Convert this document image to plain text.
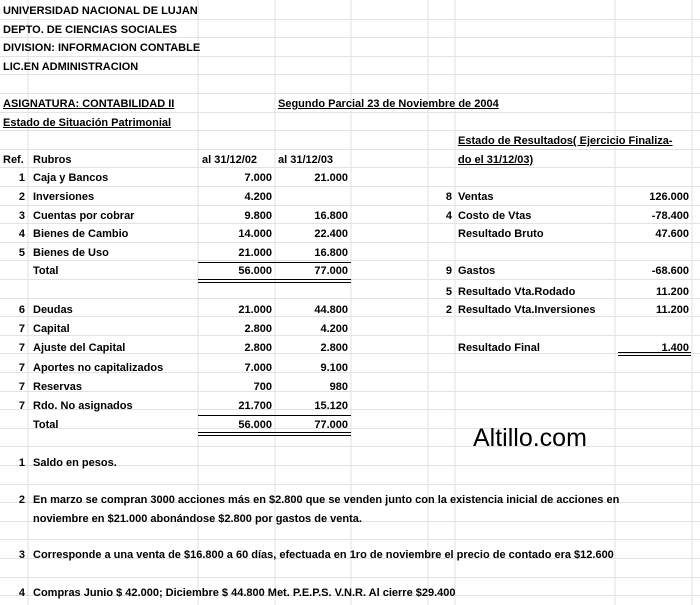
UNIVERSIDAD NACIONAL DE LUJAN
DEPTO. DE CIENCIAS SOCIALES
DIVISION: INFORMACION CONTABLE
LIC.EN ADMINISTRACION
ASIGNATURA: CONTABILIDAD II	Segundo Parcial 23 de Noviembre de 2004
Estado de Situación Patrimonial
Estado de Resultados( Ejercicio Finaliza-
do el 31/12/03)
Ref. Rubros	al 31/12/02 al 31/12/03
1 Caja y Bancos	7.000	21.000
2 Inversiones	4.200
3 Cuentas por cobrar	9.800	16.800
4 Bienes de Cambio	14.000	22.400
5 Bienes de Uso	21.000	16.800
Total	56.000	77.000
6 Deudas	21.000	44.800
7 Capital	2.800	4.200
7 Ajuste del Capital	2.800	2.800
7 Aportes no capitalizados	7.000	9.100
7 Reservas	700	980
7 Rdo. No asignados	21.700	15.120
Total	56.000	77.000
8 Ventas	126.000
4 Costo de Vtas	-78.400
Resultado Bruto	47.600
9 Gastos	-68.600
5 Resultado Vta.Rodado	11.200
2 Resultado Vta.Inversiones	11.200
Resultado Final	1.400
Altillo.com
1 Saldo en pesos.
2 En marzo se compran 3000 acciones más en $2.800 que se venden junto con la existencia inicial de acciones en
noviembre en $21.000 abonándose $2.800 por gastos de venta.
3 Corresponde a una venta de $16.800 a 60 días, efectuada en 1ro de noviembre el precio de contado era $12.600
4 Compras Junio $ 42.000; Diciembre $ 44.800 Met. P.E.P.S. V.N.R. Al cierre $29.400
